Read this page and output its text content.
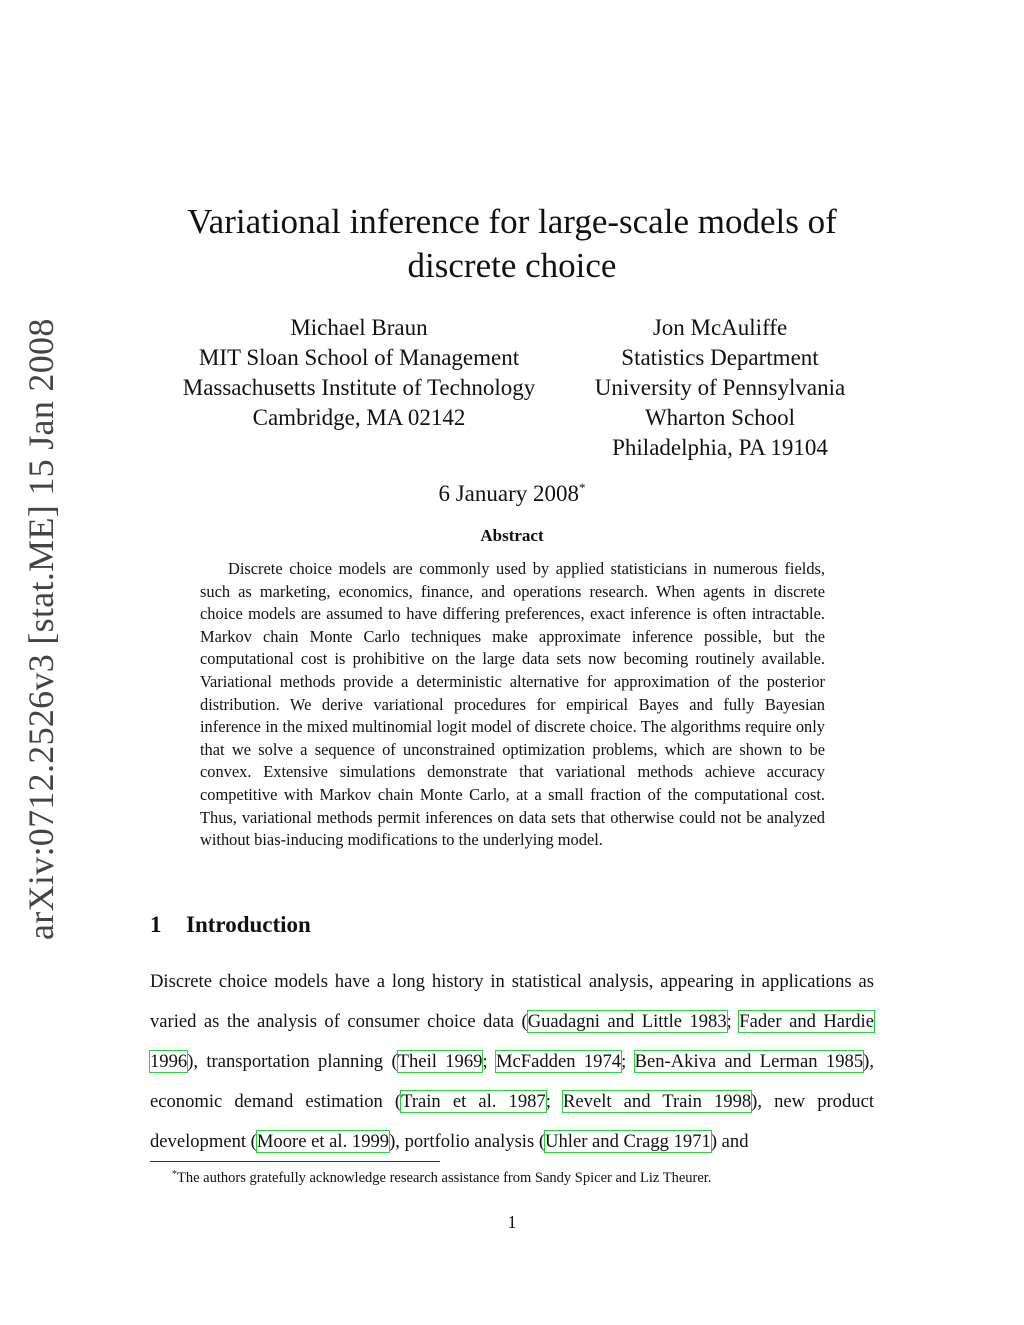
arXiv:0712.2526v3 [stat.ME] 15 Jan 2008
Variational inference for large-scale models of discrete choice
Michael Braun
MIT Sloan School of Management
Massachusetts Institute of Technology
Cambridge, MA 02142
Jon McAuliffe
Statistics Department
University of Pennsylvania
Wharton School
Philadelphia, PA 19104
6 January 2008*
Abstract

Discrete choice models are commonly used by applied statisticians in numerous fields, such as marketing, economics, finance, and operations research. When agents in discrete choice models are assumed to have differing preferences, exact inference is often intractable. Markov chain Monte Carlo techniques make approximate inference possible, but the computational cost is prohibitive on the large data sets now becoming routinely available. Variational methods provide a deterministic alternative for approximation of the posterior distribution. We derive variational procedures for empirical Bayes and fully Bayesian inference in the mixed multinomial logit model of discrete choice. The algorithms require only that we solve a sequence of unconstrained optimization problems, which are shown to be convex. Extensive simulations demonstrate that variational methods achieve accuracy competitive with Markov chain Monte Carlo, at a small fraction of the computational cost. Thus, variational methods permit inferences on data sets that otherwise could not be analyzed without bias-inducing modifications to the underlying model.

1 Introduction

Discrete choice models have a long history in statistical analysis, appearing in applications as varied as the analysis of consumer choice data (Guadagni and Little 1983; Fader and Hardie 1996), transportation planning (Theil 1969; McFadden 1974; Ben-Akiva and Lerman 1985), economic demand estimation (Train et al. 1987; Revelt and Train 1998), new product development (Moore et al. 1999), portfolio analysis (Uhler and Cragg 1971) and

*The authors gratefully acknowledge research assistance from Sandy Spicer and Liz Theurer.
1
